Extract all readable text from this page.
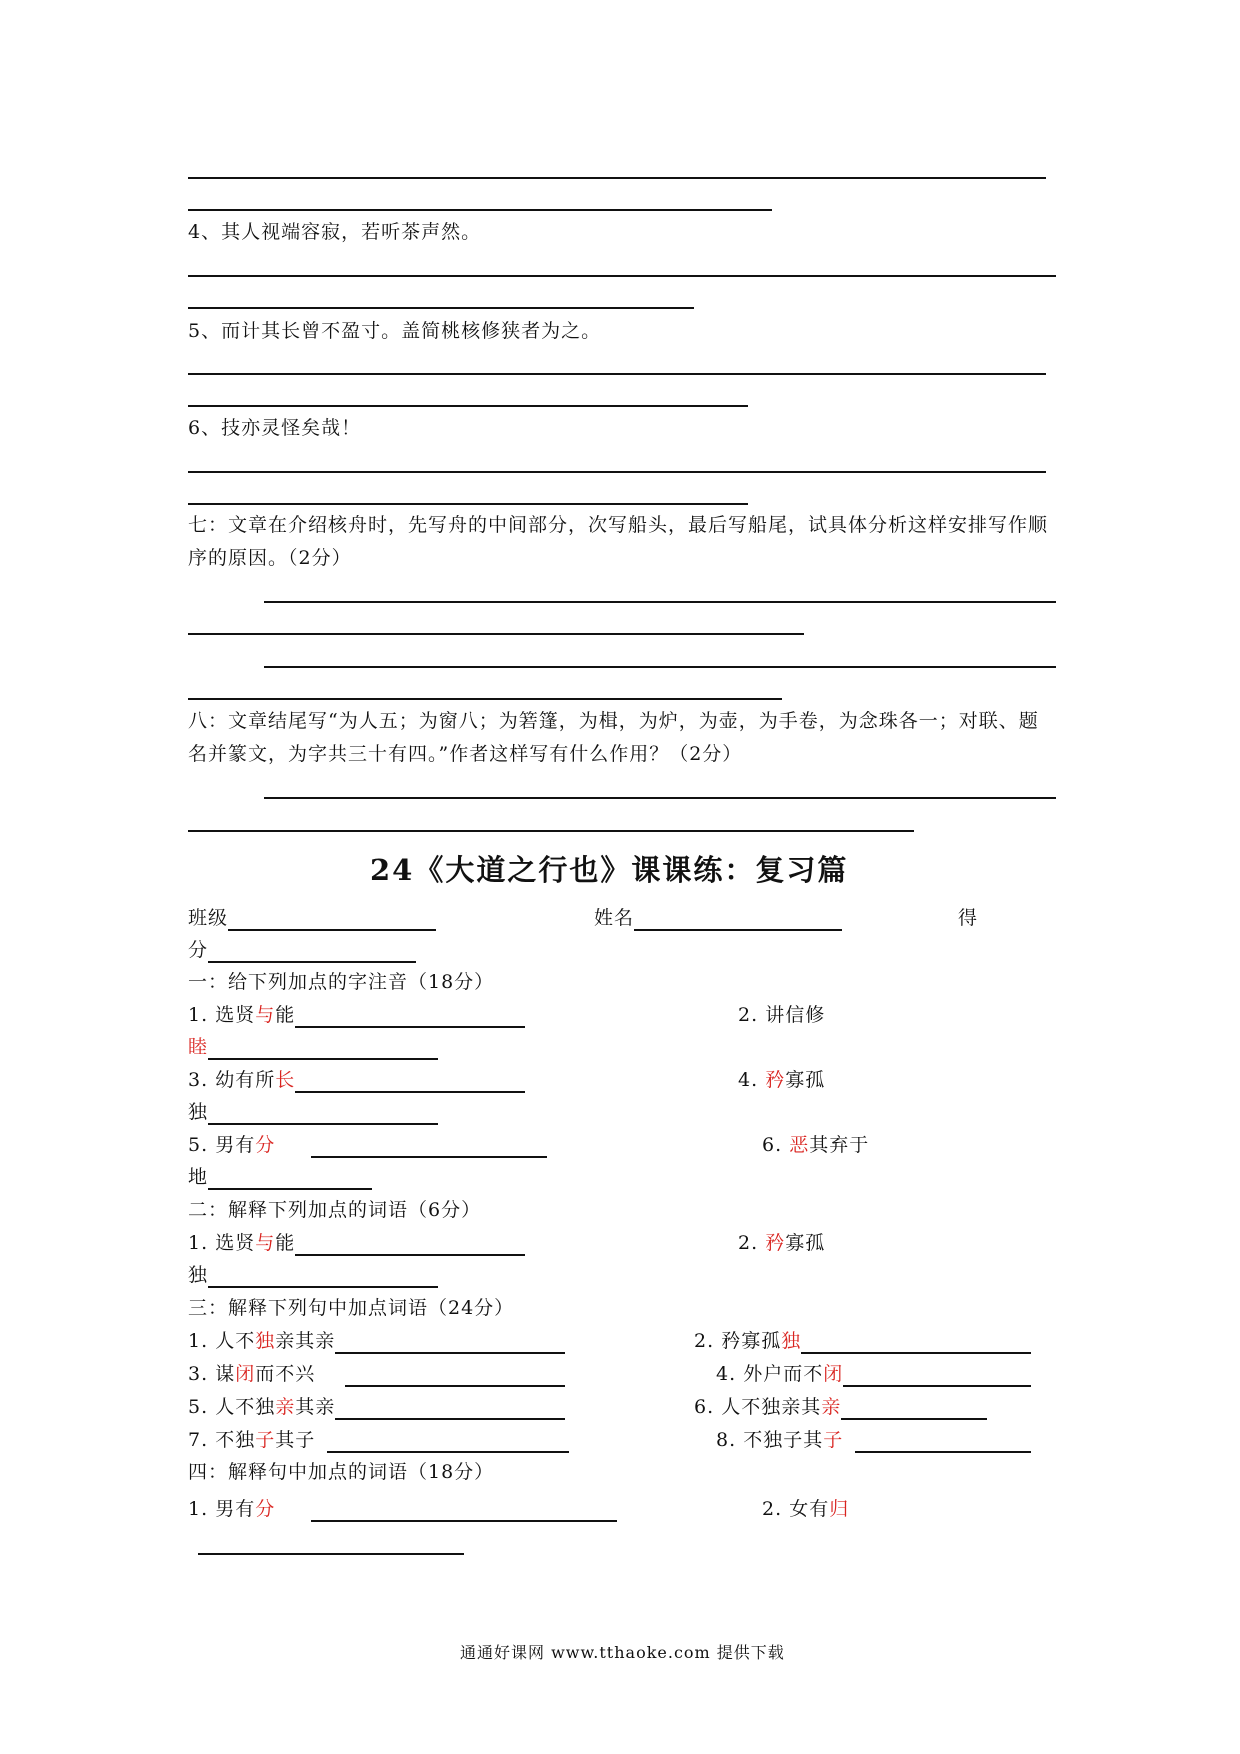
4、其人视端容寂，若听茶声然。
5、而计其长曾不盈寸。盖简桃核修狭者为之。
6、技亦灵怪矣哉！
七：文章在介绍核舟时，先写舟的中间部分，次写船头，最后写船尾，试具体分析这样安排写作顺序的原因。（2分）
八：文章结尾写“为人五；为窗八；为箬篷，为楫，为炉，为壶，为手卷，为念珠各一；对联、题名并篆文，为字共三十有四。”作者这样写有什么作用？（2分）
24《大道之行也》课课练：复习篇
班级	姓名	得
分
一：给下列加点的字注音（18分）
1. 选贤与能	2. 讲信修
睦
3. 幼有所长	4. 矜寡孤
独
5. 男有分	6. 恶其弃于
地
二：解释下列加点的词语（6分）
1. 选贤与能	2. 矜寡孤
独
三：解释下列句中加点词语（24分）
1. 人不独亲其亲	2. 矜寡孤独
3. 谋闭而不兴	4. 外户而不闭
5. 人不独亲其亲	6. 人不独亲其亲
7. 不独子其子	8. 不独子其子
四：解释句中加点的词语（18分）
1. 男有分	2. 女有归
通通好课网 www.tthaoke.com 提供下载
